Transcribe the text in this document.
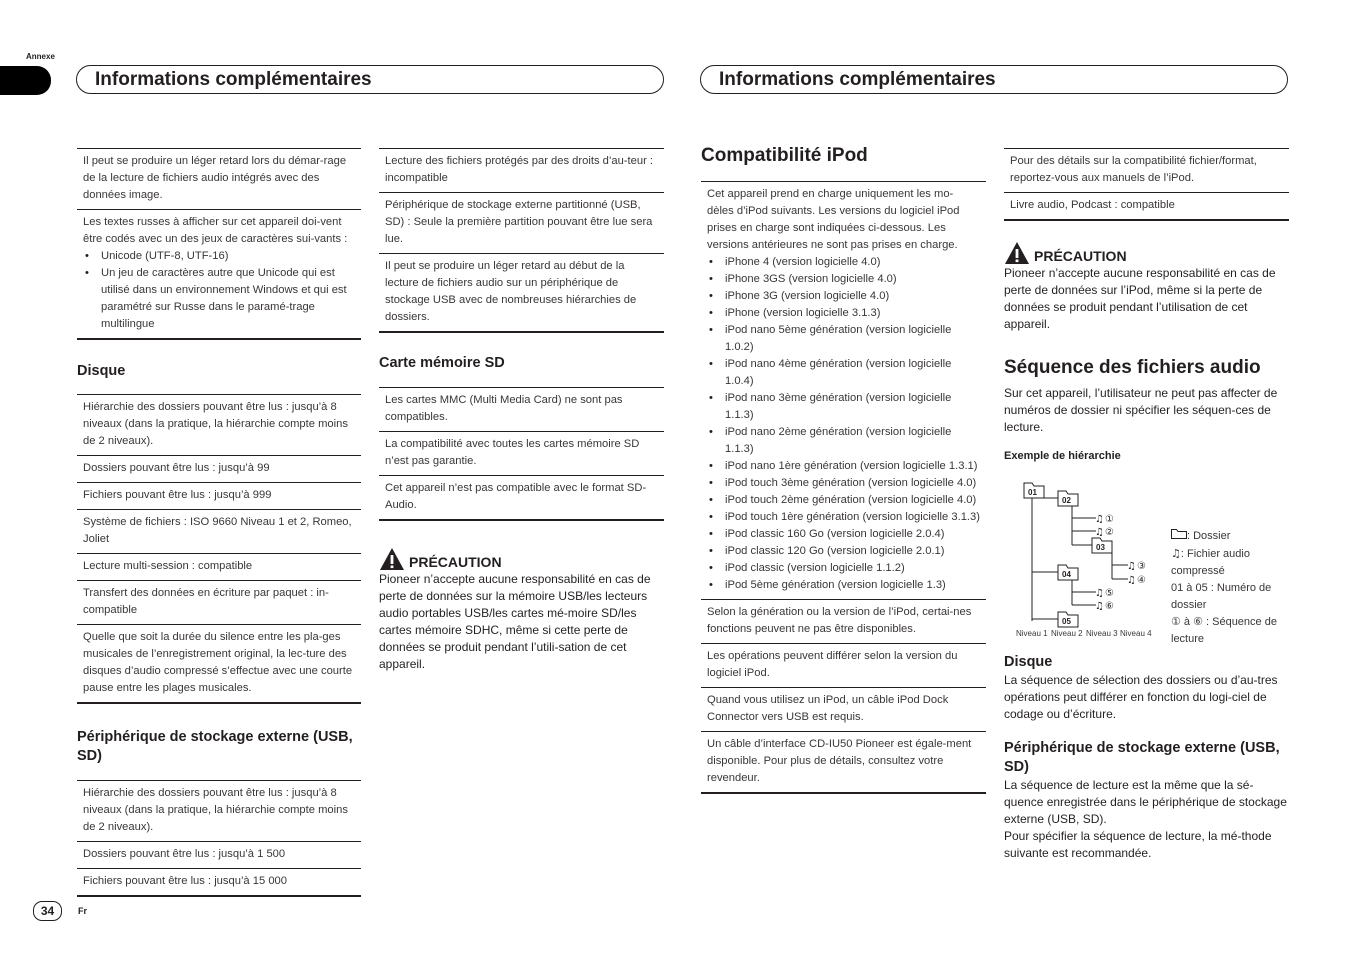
Annexe
Informations complémentaires	Informations complémentaires
Il peut se produire un léger retard lors du démar-rage de la lecture de fichiers audio intégrés avec des données image.
Les textes russes à afficher sur cet appareil doi-vent être codés avec un des jeux de caractères sui-vants :
• Unicode (UTF-8, UTF-16)
• Un jeu de caractères autre que Unicode qui est utilisé dans un environnement Windows et qui est paramétré sur Russe dans le paramé-trage multilingue
Disque
Hiérarchie des dossiers pouvant être lus : jusqu’à 8 niveaux (dans la pratique, la hiérarchie compte moins de 2 niveaux).
Dossiers pouvant être lus : jusqu’à 99
Fichiers pouvant être lus : jusqu’à 999
Système de fichiers : ISO 9660 Niveau 1 et 2, Romeo, Joliet
Lecture multi-session : compatible
Transfert des données en écriture par paquet : in-compatible
Quelle que soit la durée du silence entre les pla-ges musicales de l’enregistrement original, la lec-ture des disques d’audio compressé s’effectue avec une courte pause entre les plages musicales.
Périphérique de stockage externe (USB, SD)
Hiérarchie des dossiers pouvant être lus : jusqu’à 8 niveaux (dans la pratique, la hiérarchie compte moins de 2 niveaux).
Dossiers pouvant être lus : jusqu’à 1 500
Fichiers pouvant être lus : jusqu’à 15 000
Lecture des fichiers protégés par des droits d’au-teur : incompatible
Périphérique de stockage externe partitionné (USB, SD) : Seule la première partition pouvant être lue sera lue.
Il peut se produire un léger retard au début de la lecture de fichiers audio sur un périphérique de stockage USB avec de nombreuses hiérarchies de dossiers.
Carte mémoire SD
Les cartes MMC (Multi Media Card) ne sont pas compatibles.
La compatibilité avec toutes les cartes mémoire SD n’est pas garantie.
Cet appareil n’est pas compatible avec le format SD-Audio.
PRÉCAUTION
Pioneer n’accepte aucune responsabilité en cas de perte de données sur la mémoire USB/les lecteurs audio portables USB/les cartes mé-moire SD/les cartes mémoire SDHC, même si cette perte de données se produit pendant l’utili-sation de cet appareil.
Compatibilité iPod
Cet appareil prend en charge uniquement les mo-dèles d’iPod suivants. Les versions du logiciel iPod prises en charge sont indiquées ci-dessous. Les versions antérieures ne sont pas prises en charge.
• iPhone 4 (version logicielle 4.0)
• iPhone 3GS (version logicielle 4.0)
• iPhone 3G (version logicielle 4.0)
• iPhone (version logicielle 3.1.3)
• iPod nano 5ème génération (version logicielle 1.0.2)
• iPod nano 4ème génération (version logicielle 1.0.4)
• iPod nano 3ème génération (version logicielle 1.1.3)
• iPod nano 2ème génération (version logicielle 1.1.3)
• iPod nano 1ère génération (version logicielle 1.3.1)
• iPod touch 3ème génération (version logicielle 4.0)
• iPod touch 2ème génération (version logicielle 4.0)
• iPod touch 1ère génération (version logicielle 3.1.3)
• iPod classic 160 Go (version logicielle 2.0.4)
• iPod classic 120 Go (version logicielle 2.0.1)
• iPod classic (version logicielle 1.1.2)
• iPod 5ème génération (version logicielle 1.3)
Selon la génération ou la version de l’iPod, certai-nes fonctions peuvent ne pas être disponibles.
Les opérations peuvent différer selon la version du logiciel iPod.
Quand vous utilisez un iPod, un câble iPod Dock Connector vers USB est requis.
Un câble d’interface CD-IU50 Pioneer est égale-ment disponible. Pour plus de détails, consultez votre revendeur.
Pour des détails sur la compatibilité fichier/format, reportez-vous aux manuels de l’iPod.
Livre audio, Podcast : compatible
PRÉCAUTION
Pioneer n’accepte aucune responsabilité en cas de perte de données sur l’iPod, même si la perte de données se produit pendant l’utilisation de cet appareil.
Séquence des fichiers audio
Sur cet appareil, l’utilisateur ne peut pas affecter de numéros de dossier ni spécifier les séquen-ces de lecture.
Exemple de hiérarchie
01
02
03
04
05
♫ ①
♫ ②
♫ ③
♫ ④
♫ ⑤
♫ ⑥
Niveau 1 Niveau 2 Niveau 3 Niveau 4
: Dossier
♫: Fichier audio compressé
01 à 05 : Numéro de dossier
① à ⑥ : Séquence de lecture
Disque
La séquence de sélection des dossiers ou d’au-tres opérations peut différer en fonction du logi-ciel de codage ou d’écriture.
Périphérique de stockage externe (USB, SD)
La séquence de lecture est la même que la sé-quence enregistrée dans le périphérique de stockage externe (USB, SD).
Pour spécifier la séquence de lecture, la mé-thode suivante est recommandée.
34	Fr
